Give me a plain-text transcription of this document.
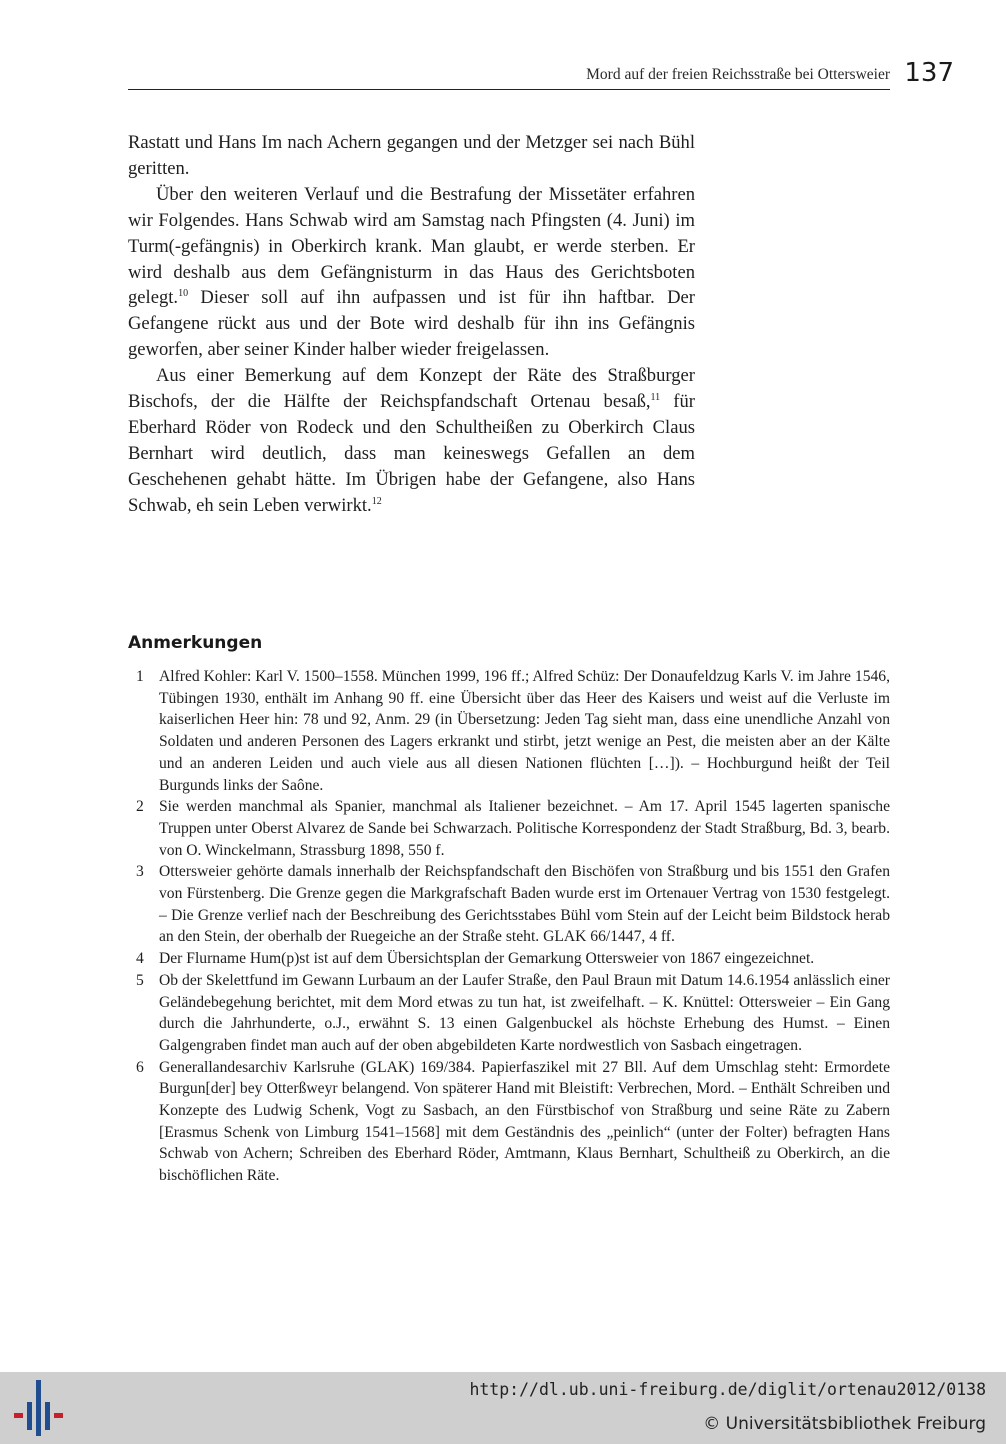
Mord auf der freien Reichsstraße bei Ottersweier 137

Rastatt und Hans Im nach Achern gegangen und der Metzger sei nach Bühl geritten.

Über den weiteren Verlauf und die Bestrafung der Missetäter erfahren wir Folgendes. Hans Schwab wird am Samstag nach Pfingsten (4. Juni) im Turm(-gefängnis) in Oberkirch krank. Man glaubt, er werde sterben. Er wird deshalb aus dem Gefängnisturm in das Haus des Gerichtsboten gelegt.$^{10}$ Dieser soll auf ihn aufpassen und ist für ihn haftbar. Der Gefangene rückt aus und der Bote wird deshalb für ihn ins Gefängnis geworfen, aber seiner Kinder halber wieder freigelassen.

Aus einer Bemerkung auf dem Konzept der Räte des Straßburger Bischofs, der die Hälfte der Reichspfandschaft Ortenau besaß,$^{11}$ für Eberhard Röder von Rodeck und den Schultheißen zu Oberkirch Claus Bernhart wird deutlich, dass man keineswegs Gefallen an dem Geschehenen gehabt hätte. Im Übrigen habe der Gefangene, also Hans Schwab, eh sein Leben verwirkt.$^{12}$

Anmerkungen
1 Alfred Kohler: Karl V. 1500–1558. München 1999, 196 ff.; Alfred Schüz: Der Donaufeldzug Karls V. im Jahre 1546, Tübingen 1930, enthält im Anhang 90 ff. eine Übersicht über das Heer des Kaisers und weist auf die Verluste im kaiserlichen Heer hin: 78 und 92, Anm. 29 (in Übersetzung: Jeden Tag sieht man, dass eine unendliche Anzahl von Soldaten und anderen Personen des Lagers erkrankt und stirbt, jetzt wenige an Pest, die meisten aber an der Kälte und an anderen Leiden und auch viele aus all diesen Nationen flüchten […]). – Hochburgund heißt der Teil Burgunds links der Saône.
2 Sie werden manchmal als Spanier, manchmal als Italiener bezeichnet. – Am 17. April 1545 lagerten spanische Truppen unter Oberst Alvarez de Sande bei Schwarzach. Politische Korrespondenz der Stadt Straßburg, Bd. 3, bearb. von O. Winckelmann, Strassburg 1898, 550 f.
3 Ottersweier gehörte damals innerhalb der Reichspfandschaft den Bischöfen von Straßburg und bis 1551 den Grafen von Fürstenberg. Die Grenze gegen die Markgrafschaft Baden wurde erst im Ortenauer Vertrag von 1530 festgelegt. – Die Grenze verlief nach der Beschreibung des Gerichtsstabes Bühl vom Stein auf der Leicht beim Bildstock herab an den Stein, der oberhalb der Ruegeiche an der Straße steht. GLAK 66/1447, 4 ff.
4 Der Flurname Hum(p)st ist auf dem Übersichtsplan der Gemarkung Ottersweier von 1867 eingezeichnet.
5 Ob der Skelettfund im Gewann Lurbaum an der Laufer Straße, den Paul Braun mit Datum 14.6.1954 anlässlich einer Geländebegehung berichtet, mit dem Mord etwas zu tun hat, ist zweifelhaft. – K. Knüttel: Ottersweier – Ein Gang durch die Jahrhunderte, o.J., erwähnt S. 13 einen Galgenbuckel als höchste Erhebung des Humst. – Einen Galgengraben findet man auch auf der oben abgebildeten Karte nordwestlich von Sasbach eingetragen.
6 Generallandesarchiv Karlsruhe (GLAK) 169/384. Papierfaszikel mit 27 Bll. Auf dem Umschlag steht: Ermordete Burgun[der] bey Otterßweyr belangend. Von späterer Hand mit Bleistift: Verbrechen, Mord. – Enthält Schreiben und Konzepte des Ludwig Schenk, Vogt zu Sasbach, an den Fürstbischof von Straßburg und seine Räte zu Zabern [Erasmus Schenk von Limburg 1541–1568] mit dem Geständnis des „peinlich“ (unter der Folter) befragten Hans Schwab von Achern; Schreiben des Eberhard Röder, Amtmann, Klaus Bernhart, Schultheiß zu Oberkirch, an die bischöflichen Räte.
http://dl.ub.uni-freiburg.de/diglit/ortenau2012/0138
© Universitätsbibliothek Freiburg
